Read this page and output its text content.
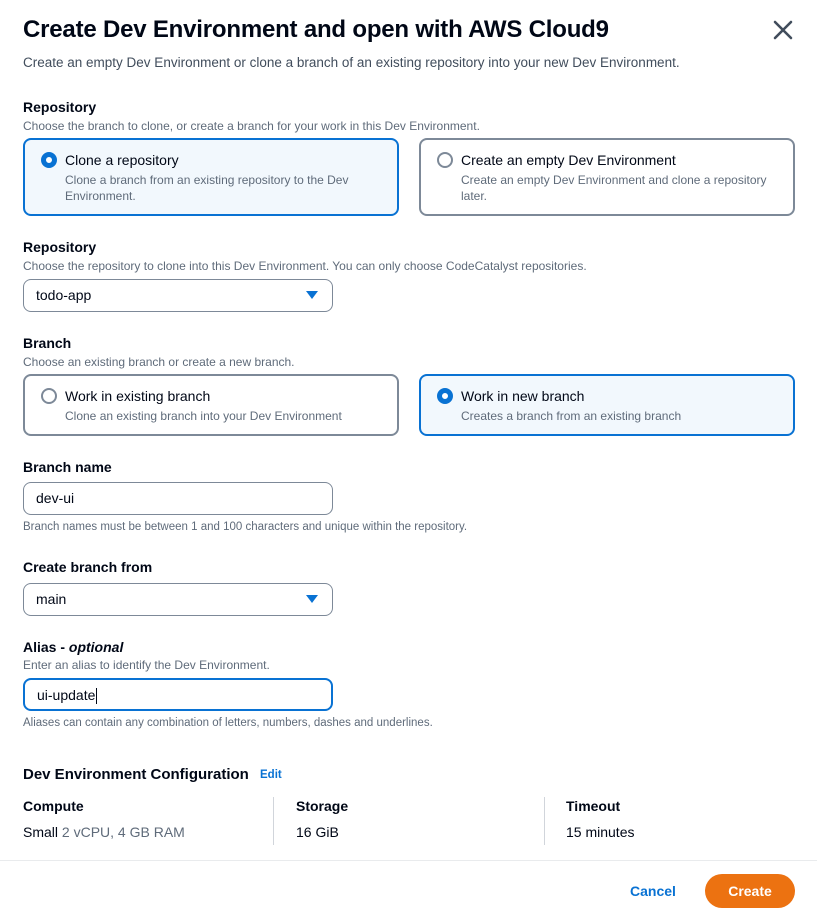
Create Dev Environment and open with AWS Cloud9

Create an empty Dev Environment or clone a branch of an existing repository into your new Dev Environment.

Repository
Choose the branch to clone, or create a branch for your work in this Dev Environment.
Clone a repository
Clone a branch from an existing repository to the Dev Environment.
Create an empty Dev Environment
Create an empty Dev Environment and clone a repository later.
Repository
Choose the repository to clone into this Dev Environment. You can only choose CodeCatalyst repositories.
todo-app
Branch
Choose an existing branch or create a new branch.
Work in existing branch
Clone an existing branch into your Dev Environment
Work in new branch
Creates a branch from an existing branch
Branch name
dev-ui
Branch names must be between 1 and 100 characters and unique within the repository.
Create branch from
main
Alias - optional
Enter an alias to identify the Dev Environment.
ui-update
Aliases can contain any combination of letters, numbers, dashes and underlines.
Dev Environment Configuration Edit
Compute
Small 2 vCPU, 4 GB RAM
Storage
16 GiB
Timeout
15 minutes
Cancel	Create
